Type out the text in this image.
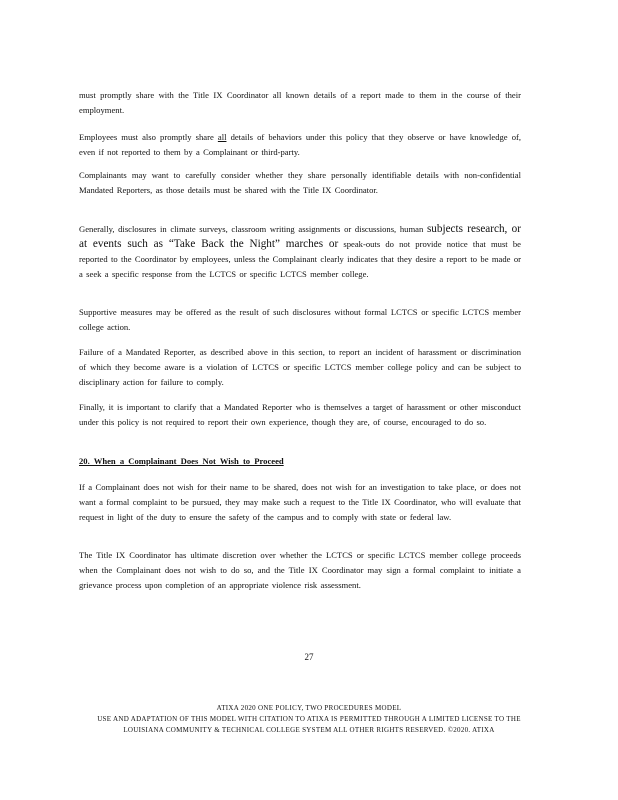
must promptly share with the Title IX Coordinator all known details of a report made to them in the course of their employment.
Employees must also promptly share all details of behaviors under this policy that they observe or have knowledge of, even if not reported to them by a Complainant or third-party.
Complainants may want to carefully consider whether they share personally identifiable details with non-confidential Mandated Reporters, as those details must be shared with the Title IX Coordinator.
Generally, disclosures in climate surveys, classroom writing assignments or discussions, human subjects research, or at events such as “Take Back the Night” marches or speak-outs do not provide notice that must be reported to the Coordinator by employees, unless the Complainant clearly indicates that they desire a report to be made or a seek a specific response from the LCTCS or specific LCTCS member college.
Supportive measures may be offered as the result of such disclosures without formal LCTCS or specific LCTCS member college action.
Failure of a Mandated Reporter, as described above in this section, to report an incident of harassment or discrimination of which they become aware is a violation of LCTCS or specific LCTCS member college policy and can be subject to disciplinary action for failure to comply.
Finally, it is important to clarify that a Mandated Reporter who is themselves a target of harassment or other misconduct under this policy is not required to report their own experience, though they are, of course, encouraged to do so.
20. When a Complainant Does Not Wish to Proceed
If a Complainant does not wish for their name to be shared, does not wish for an investigation to take place, or does not want a formal complaint to be pursued, they may make such a request to the Title IX Coordinator, who will evaluate that request in light of the duty to ensure the safety of the campus and to comply with state or federal law.
The Title IX Coordinator has ultimate discretion over whether the LCTCS or specific LCTCS member college proceeds when the Complainant does not wish to do so, and the Title IX Coordinator may sign a formal complaint to initiate a grievance process upon completion of an appropriate violence risk assessment.
27
ATIXA 2020 ONE POLICY, TWO PROCEDURES MODEL
USE AND ADAPTATION OF THIS MODEL WITH CITATION TO ATIXA IS PERMITTED THROUGH A LIMITED LICENSE TO THE
LOUISIANA COMMUNITY & TECHNICAL COLLEGE SYSTEM ALL OTHER RIGHTS RESERVED. ©2020. ATIXA
